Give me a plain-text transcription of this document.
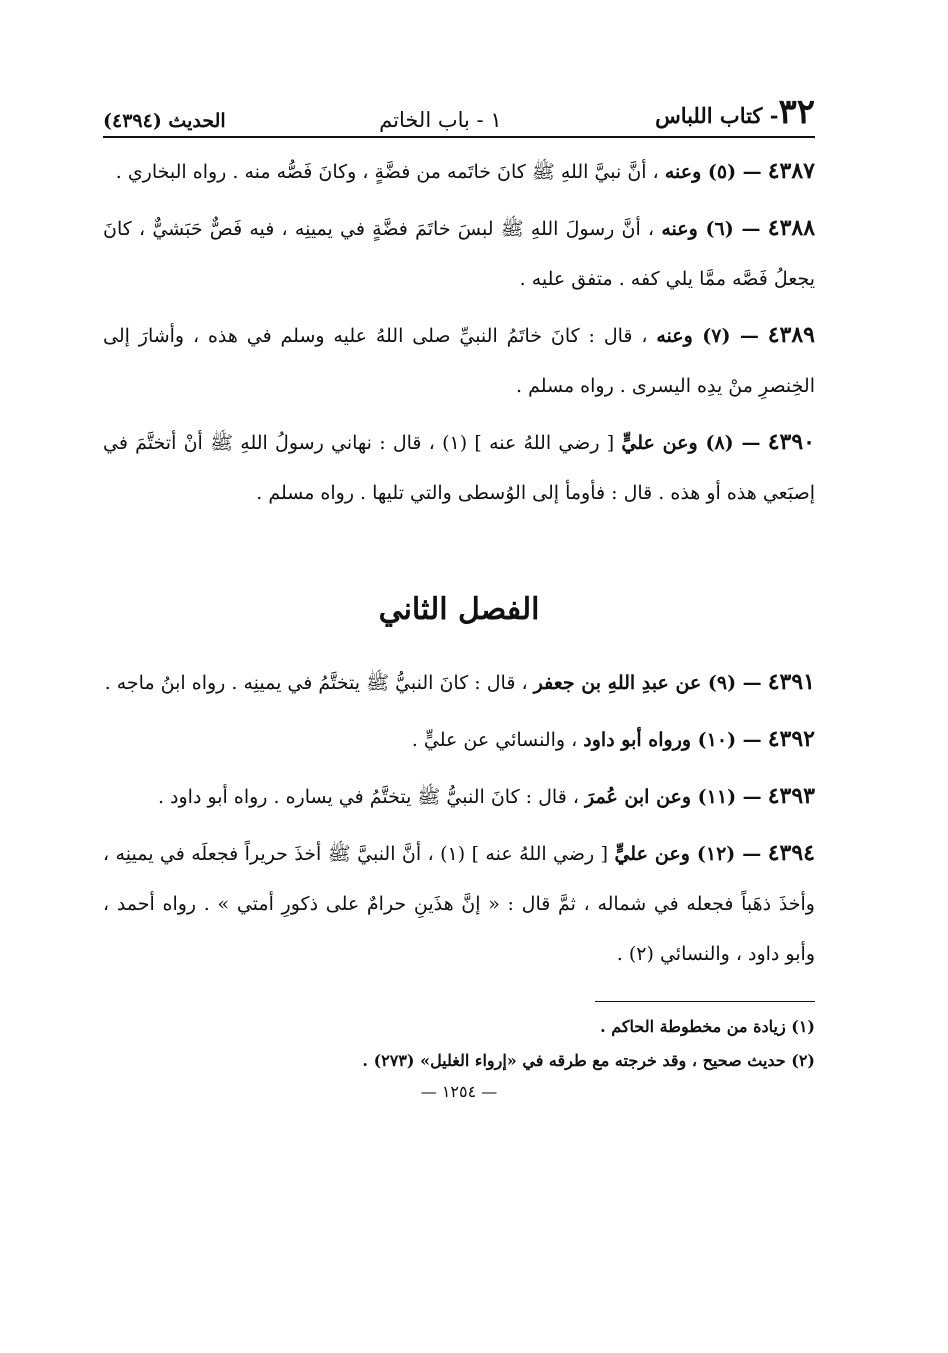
٣٢- كتاب اللباس
١ - باب الخاتم
الحديث (٤٣٩٤)

٤٣٨٧ — (٥) وعنه ، أنَّ نبيَّ اللهِ ﷺ كانَ خاتَمه من فضَّةٍ ، وكانَ فَصُّه منه . رواه البخاري .

٤٣٨٨ — (٦) وعنه ، أنَّ رسولَ اللهِ ﷺ لبسَ خاتَمَ فضَّةٍ في يمينِه ، فيه فَصٌّ حَبَشيٌّ ، كانَ يجعلُ فَصَّه ممَّا يلي كفه . متفق عليه .

٤٣٨٩ — (٧) وعنه ، قال : كانَ خاتَمُ النبيِّ صلى اللهُ عليه وسلم في هذه ، وأشارَ إلى الخِنصرِ منْ يدِه اليسرى . رواه مسلم .

٤٣٩٠ — (٨) وعن عليٍّ [ رضي اللهُ عنه ] (١) ، قال : نهاني رسولُ اللهِ ﷺ أنْ أتختَّمَ في إصبَعي هذه أو هذه . قال : فأومأ إلى الوُسطى والتي تليها . رواه مسلم .

الفصل الثاني

٤٣٩١ — (٩) عن عبدِ اللهِ بن جعفر ، قال : كانَ النبيُّ ﷺ يتختَّمُ في يمينِه . رواه ابنُ ماجه .

٤٣٩٢ — (١٠) ورواه أبو داود ، والنسائي عن عليٍّ .

٤٣٩٣ — (١١) وعن ابن عُمرَ ، قال : كانَ النبيُّ ﷺ يتختَّمُ في يساره . رواه أبو داود .

٤٣٩٤ — (١٢) وعن عليٍّ [ رضي اللهُ عنه ] (١) ، أنَّ النبيَّ ﷺ أخذَ حريراً فجعلَه في يمينِه ، وأخذَ ذهَباً فجعله في شماله ، ثمَّ قال : « إنَّ هذَينِ حرامٌ على ذكورِ أمتي » . رواه أحمد ، وأبو داود ، والنسائي (٢) .

(١) زيادة من مخطوطة الحاكم .

(٢) حديث صحيح ، وقد خرجته مع طرقه في «إرواء الغليل» (٢٧٣) .

— ١٢٥٤ —
